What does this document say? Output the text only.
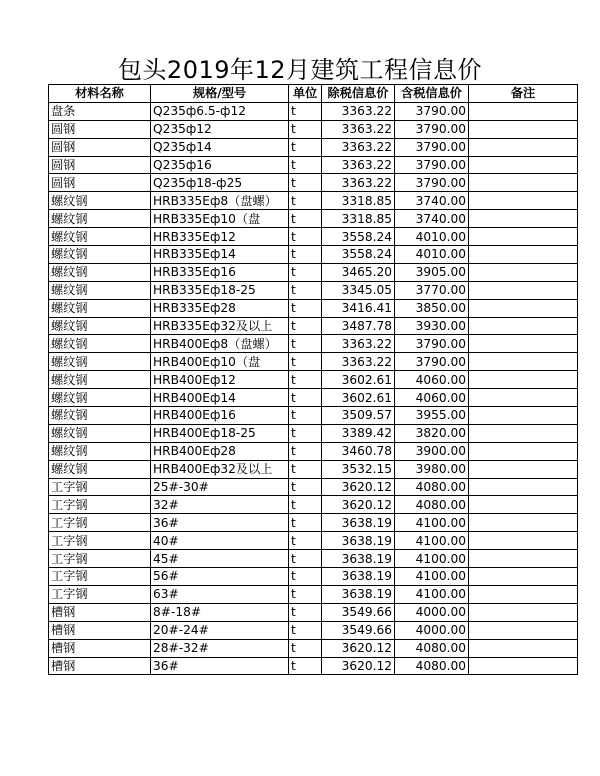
包头2019年12月建筑工程信息价
材料名称	规格/型号	单位	除税信息价	含税信息价	备注
盘条	Q235ф6.5-ф12	t	3363.22	3790.00	
圆钢	Q235ф12	t	3363.22	3790.00	
圆钢	Q235ф14	t	3363.22	3790.00	
圆钢	Q235ф16	t	3363.22	3790.00	
圆钢	Q235ф18-ф25	t	3363.22	3790.00	
螺纹钢	HRB335Eф8（盘螺）	t	3318.85	3740.00	
螺纹钢	HRB335Eф10（盘	t	3318.85	3740.00	
螺纹钢	HRB335Eф12	t	3558.24	4010.00	
螺纹钢	HRB335Eф14	t	3558.24	4010.00	
螺纹钢	HRB335Eф16	t	3465.20	3905.00	
螺纹钢	HRB335Eф18-25	t	3345.05	3770.00	
螺纹钢	HRB335Eф28	t	3416.41	3850.00	
螺纹钢	HRB335Eф32及以上	t	3487.78	3930.00	
螺纹钢	HRB400Eф8（盘螺）	t	3363.22	3790.00	
螺纹钢	HRB400Eф10（盘	t	3363.22	3790.00	
螺纹钢	HRB400Eф12	t	3602.61	4060.00	
螺纹钢	HRB400Eф14	t	3602.61	4060.00	
螺纹钢	HRB400Eф16	t	3509.57	3955.00	
螺纹钢	HRB400Eф18-25	t	3389.42	3820.00	
螺纹钢	HRB400Eф28	t	3460.78	3900.00	
螺纹钢	HRB400Eф32及以上	t	3532.15	3980.00	
工字钢	25#-30#	t	3620.12	4080.00	
工字钢	32#	t	3620.12	4080.00	
工字钢	36#	t	3638.19	4100.00	
工字钢	40#	t	3638.19	4100.00	
工字钢	45#	t	3638.19	4100.00	
工字钢	56#	t	3638.19	4100.00	
工字钢	63#	t	3638.19	4100.00	
槽钢	8#-18#	t	3549.66	4000.00	
槽钢	20#-24#	t	3549.66	4000.00	
槽钢	28#-32#	t	3620.12	4080.00	
槽钢	36#	t	3620.12	4080.00	
